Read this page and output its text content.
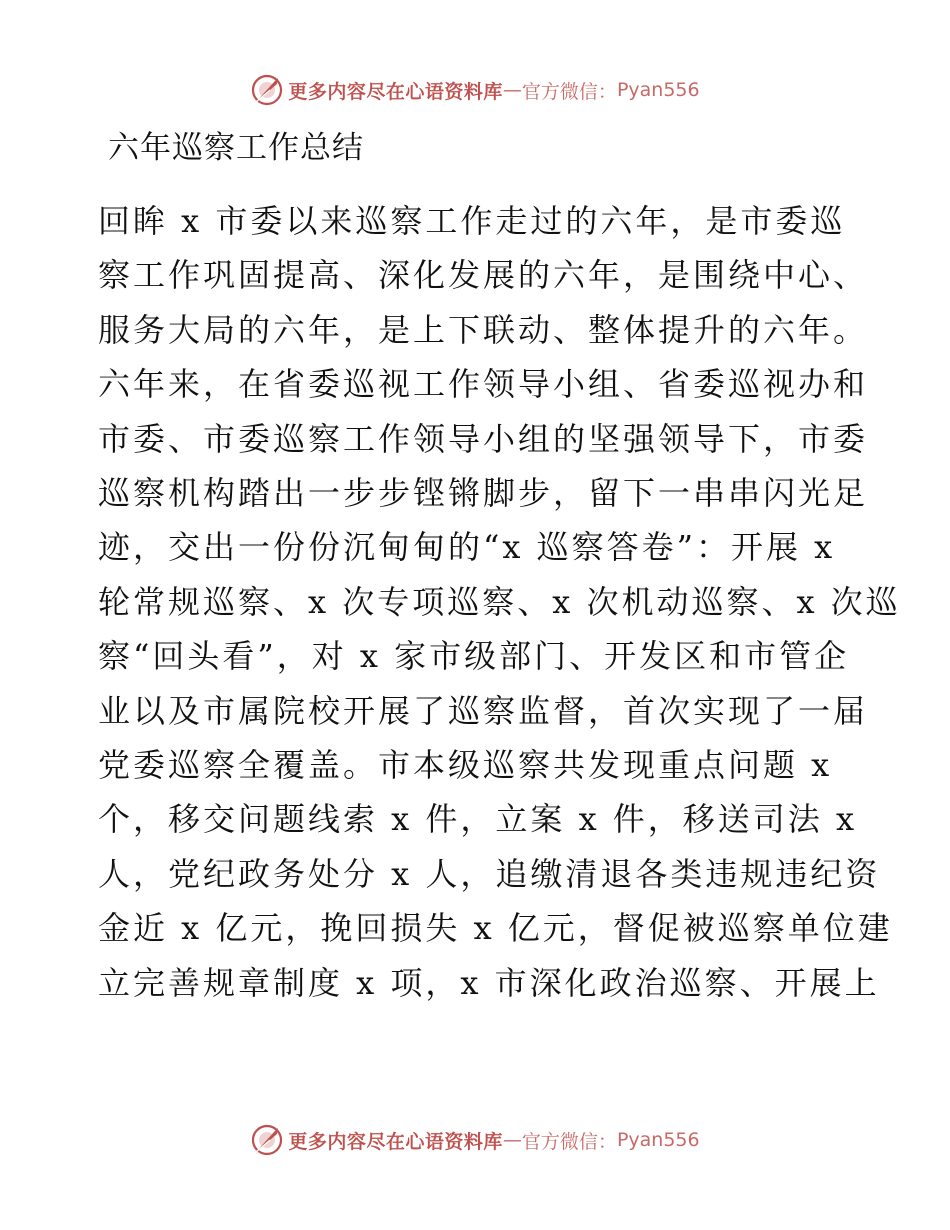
更多内容尽在心语资料库 — 官方微信： Pyan556
六年巡察工作总结
回眸 x 市委以来巡察工作走过的六年，是市委巡
察工作巩固提高、深化发展的六年，是围绕中心、
服务大局的六年，是上下联动、整体提升的六年。
六年来，在省委巡视工作领导小组、省委巡视办和
市委、市委巡察工作领导小组的坚强领导下，市委
巡察机构踏出一步步铿锵脚步，留下一串串闪光足
迹，交出一份份沉甸甸的“x 巡察答卷”：开展 x
轮常规巡察、x 次专项巡察、x 次机动巡察、x 次巡
察“回头看”，对 x 家市级部门、开发区和市管企
业以及市属院校开展了巡察监督，首次实现了一届
党委巡察全覆盖。市本级巡察共发现重点问题 x
个，移交问题线索 x 件，立案 x 件，移送司法 x
人，党纪政务处分 x 人，追缴清退各类违规违纪资
金近 x 亿元，挽回损失 x 亿元，督促被巡察单位建
立完善规章制度 x 项，x 市深化政治巡察、开展上
更多内容尽在心语资料库 — 官方微信： Pyan556
